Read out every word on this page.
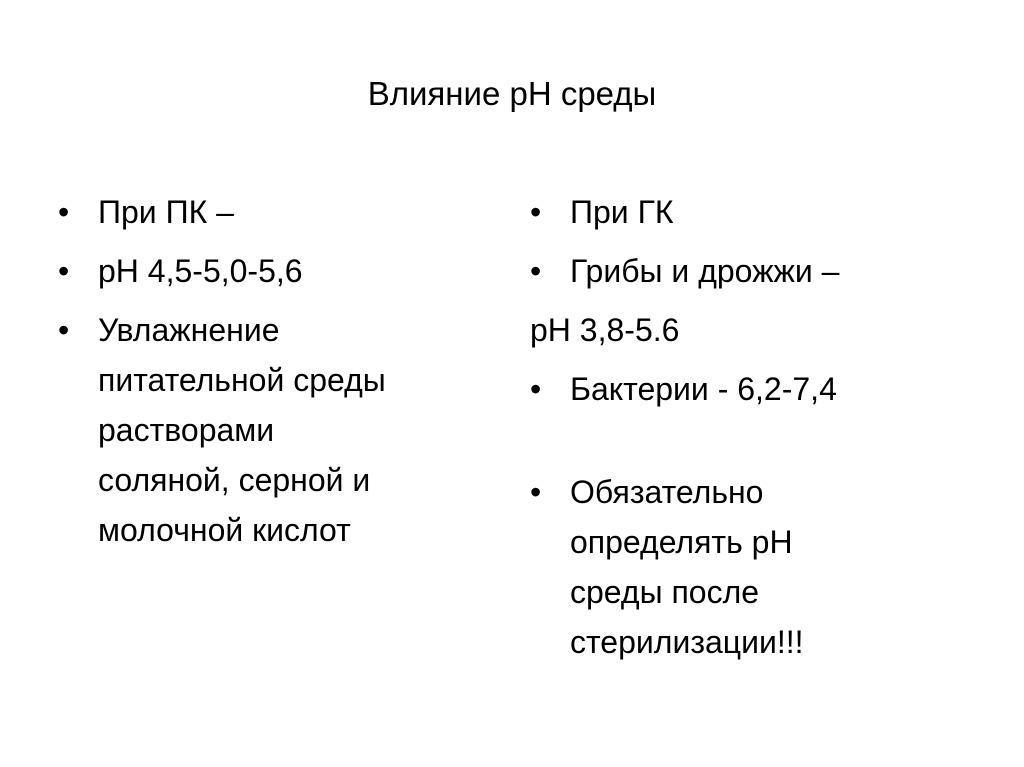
Влияние рН среды
• При ПК –
• рН 4,5-5,0-5,6
• Увлажнение
питательной среды
растворами
соляной, серной и
молочной кислот
• При ГК
• Грибы и дрожжи –
рН 3,8-5.6
• Бактерии - 6,2-7,4
• Обязательно
определять рН
среды после
стерилизации!!!
